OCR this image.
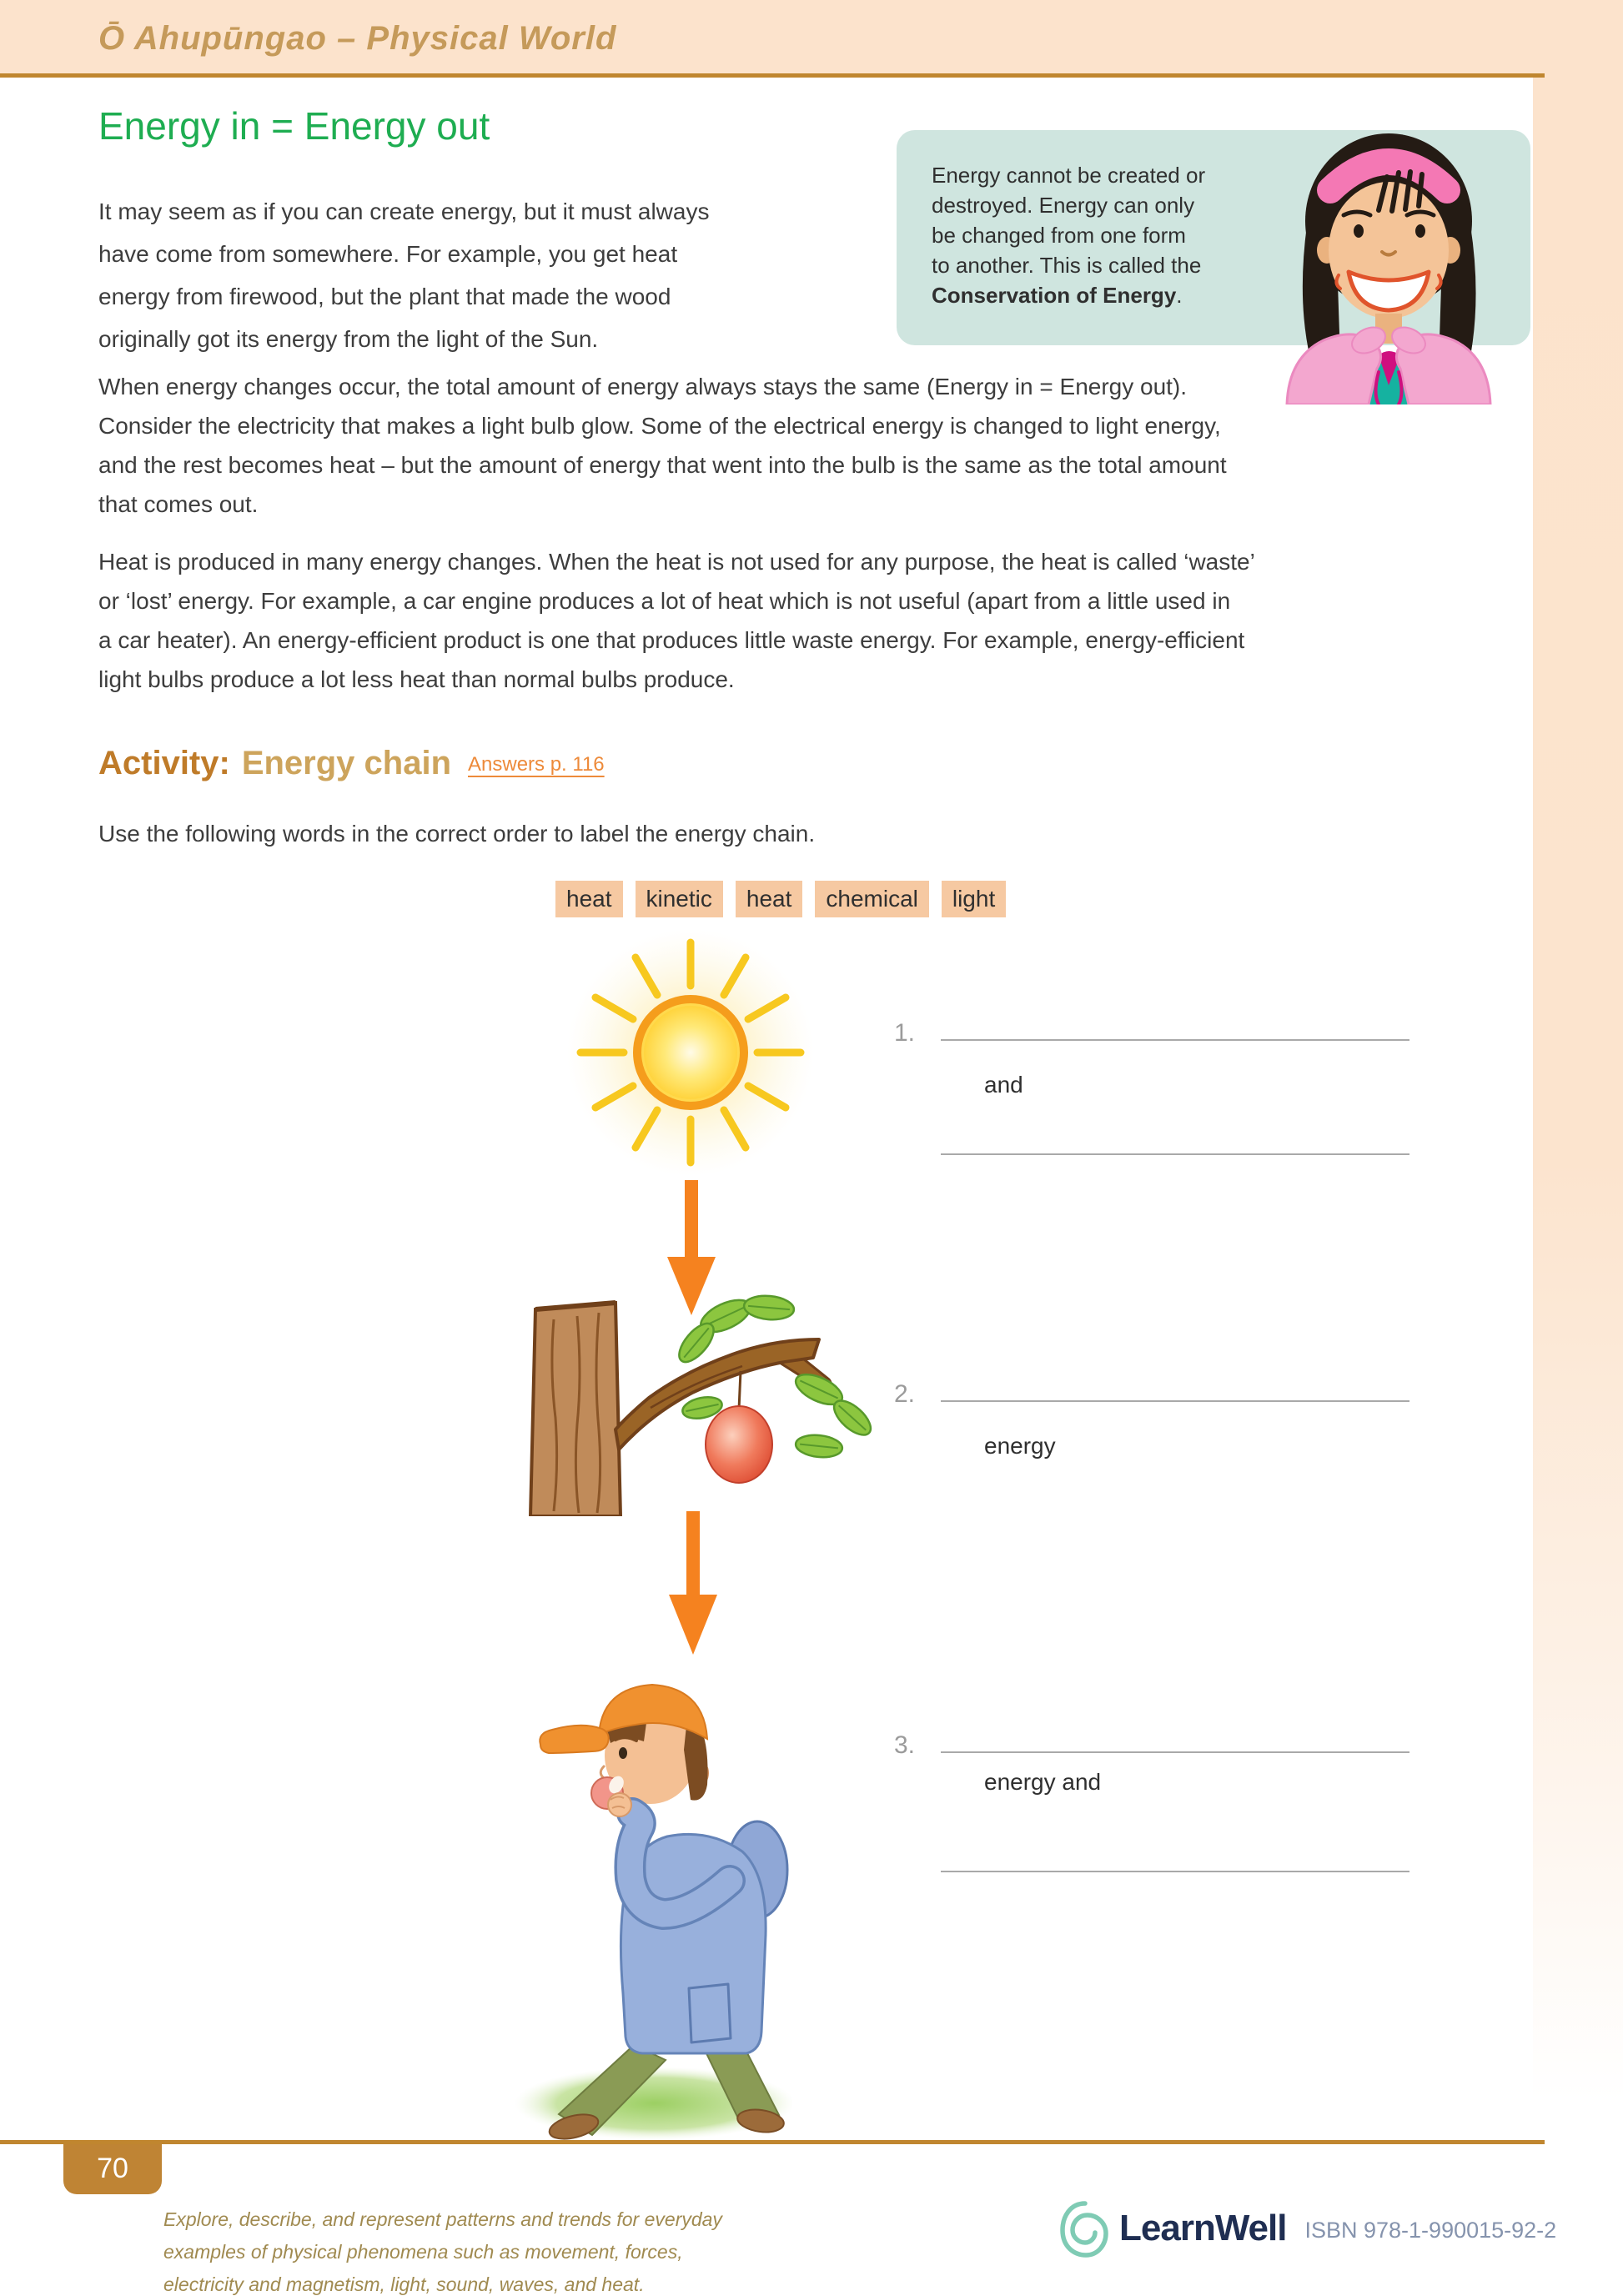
Ō Ahupūngao – Physical World
Energy in = Energy out
It may seem as if you can create energy, but it must always
have come from somewhere. For example, you get heat
energy from firewood, but the plant that made the wood
originally got its energy from the light of the Sun.
Energy cannot be created or
destroyed. Energy can only
be changed from one form
to another. This is called the
Conservation of Energy.
When energy changes occur, the total amount of energy always stays the same (Energy in = Energy out).
Consider the electricity that makes a light bulb glow. Some of the electrical energy is changed to light energy,
and the rest becomes heat – but the amount of energy that went into the bulb is the same as the total amount
that comes out.
Heat is produced in many energy changes. When the heat is not used for any purpose, the heat is called ‘waste’
or ‘lost’ energy. For example, a car engine produces a lot of heat which is not useful (apart from a little used in
a car heater). An energy-efficient product is one that produces little waste energy. For example, energy-efficient
light bulbs produce a lot less heat than normal bulbs produce.
Activity: Energy chain Answers p. 116
Use the following words in the correct order to label the energy chain.
heat	kinetic	heat	chemical	light
1.
and
2.
energy
3.
energy and
70
Explore, describe, and represent patterns and trends for everyday
examples of physical phenomena such as movement, forces,
electricity and magnetism, light, sound, waves, and heat.
LearnWell ISBN 978-1-990015-92-2
